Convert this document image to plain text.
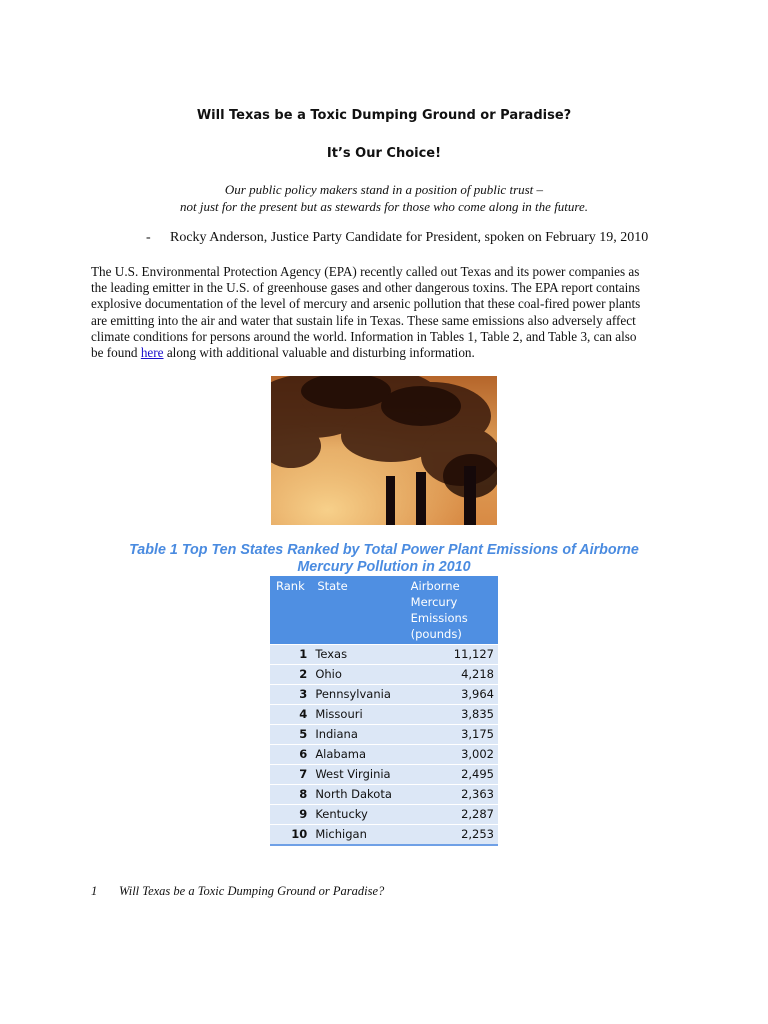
Will Texas be a Toxic Dumping Ground or Paradise?
It’s Our Choice!
Our public policy makers stand in a position of public trust –
not just for the present but as stewards for those who come along in the future.
- Rocky Anderson, Justice Party Candidate for President, spoken on February 19, 2010

The U.S. Environmental Protection Agency (EPA) recently called out Texas and its power companies as

the leading emitter in the U.S. of greenhouse gases and other dangerous toxins. The EPA report contains

explosive documentation of the level of mercury and arsenic pollution that these coal-fired power plants

are emitting into the air and water that sustain life in Texas. These same emissions also adversely affect

climate conditions for persons around the world. Information in Tables 1, Table 2, and Table 3, can also

be found here along with additional valuable and disturbing information.

Table 1 Top Ten States Ranked by Total Power Plant Emissions of Airborne
Mercury Pollution in 2010
Rank	State	Airborne Mercury Emissions (pounds)
1	Texas	11,127
2	Ohio	4,218
3	Pennsylvania	3,964
4	Missouri	3,835
5	Indiana	3,175
6	Alabama	3,002
7	West Virginia	2,495
8	North Dakota	2,363
9	Kentucky	2,287
10	Michigan	2,253
1 Will Texas be a Toxic Dumping Ground or Paradise?
